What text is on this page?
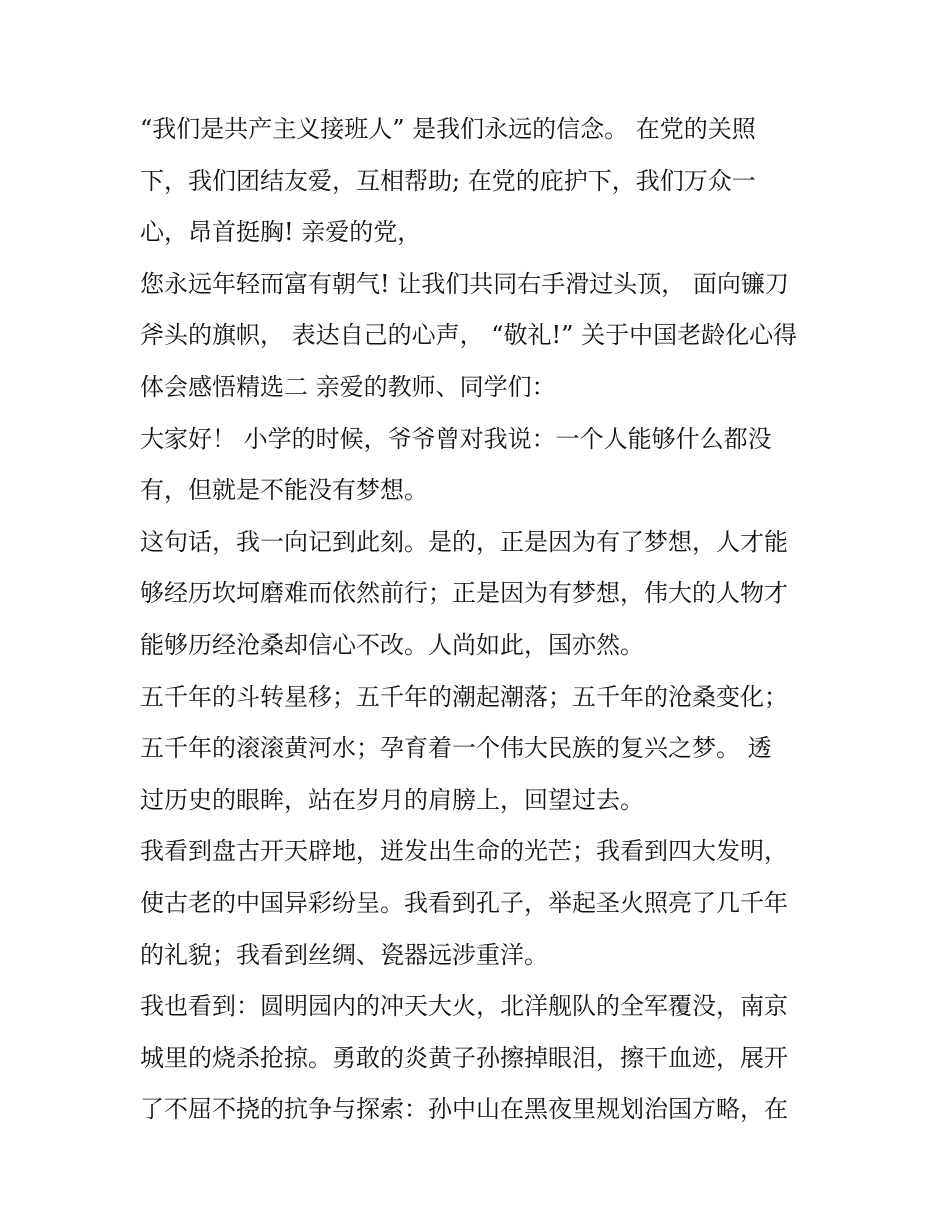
“我们是共产主义接班人” 是我们永远的信念。 在党的关照
下，我们团结友爱，互相帮助; 在党的庇护下，我们万众一
心，昂首挺胸! 亲爱的党，
您永远年轻而富有朝气! 让我们共同右手滑过头顶， 面向镰刀
斧头的旗帜， 表达自己的心声， “敬礼!” 关于中国老龄化心得
体会感悟精选二 亲爱的教师、同学们：
大家好！ 小学的时候，爷爷曾对我说：一个人能够什么都没
有，但就是不能没有梦想。
这句话，我一向记到此刻。是的，正是因为有了梦想，人才能
够经历坎坷磨难而依然前行；正是因为有梦想，伟大的人物才
能够历经沧桑却信心不改。人尚如此，国亦然。
五千年的斗转星移；五千年的潮起潮落；五千年的沧桑变化；
五千年的滚滚黄河水；孕育着一个伟大民族的复兴之梦。 透
过历史的眼眸，站在岁月的肩膀上，回望过去。
我看到盘古开天辟地，迸发出生命的光芒；我看到四大发明，
使古老的中国异彩纷呈。我看到孔子，举起圣火照亮了几千年
的礼貌；我看到丝绸、瓷器远涉重洋。
我也看到：圆明园内的冲天大火，北洋舰队的全军覆没，南京
城里的烧杀抢掠。勇敢的炎黄子孙擦掉眼泪，擦干血迹，展开
了不屈不挠的抗争与探索：孙中山在黑夜里规划治国方略，在
